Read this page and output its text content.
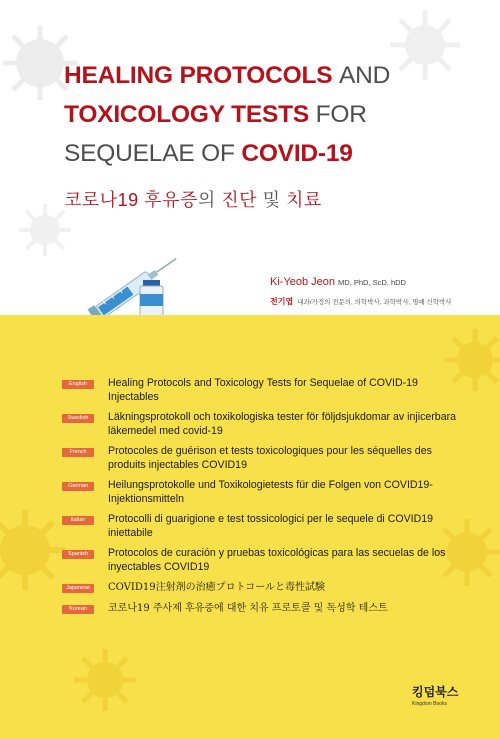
HEALING PROTOCOLS AND
TOXICOLOGY TESTS FOR
SEQUELAE OF COVID-19
코로나19 후유증의 진단 및 치료
Ki-Yeob Jeon MD, PhD, ScD, hDD
전기엽 내과/가정의 전문의, 의학박사, 과학박사, 명예 신학박사
English	Healing Protocols and Toxicology Tests for Sequelae of COVID-19 Injectables
Swedish	Läkningsprotokoll och toxikologiska tester för följdsjukdomar av injicerbara läkemedel med covid-19
French	Protocoles de guérison et tests toxicologiques pour les séquelles des produits injectables COVID19
German	Heilungsprotokolle und Toxikologietests für die Folgen von COVID19-Injektionsmitteln
Italian	Protocolli di guarigione e test tossicologici per le sequele di COVID19 iniettabile
Spanish	Protocolos de curación y pruebas toxicológicas para las secuelas de los inyectables COVID19
Japanese	COVID19注射剤の治癒プロトコールと毒性試験
Korean	코로나19 주사제 후유증에 대한 치유 프로토콜 및 독성학 테스트
킹덤북스
Kingdom Books
